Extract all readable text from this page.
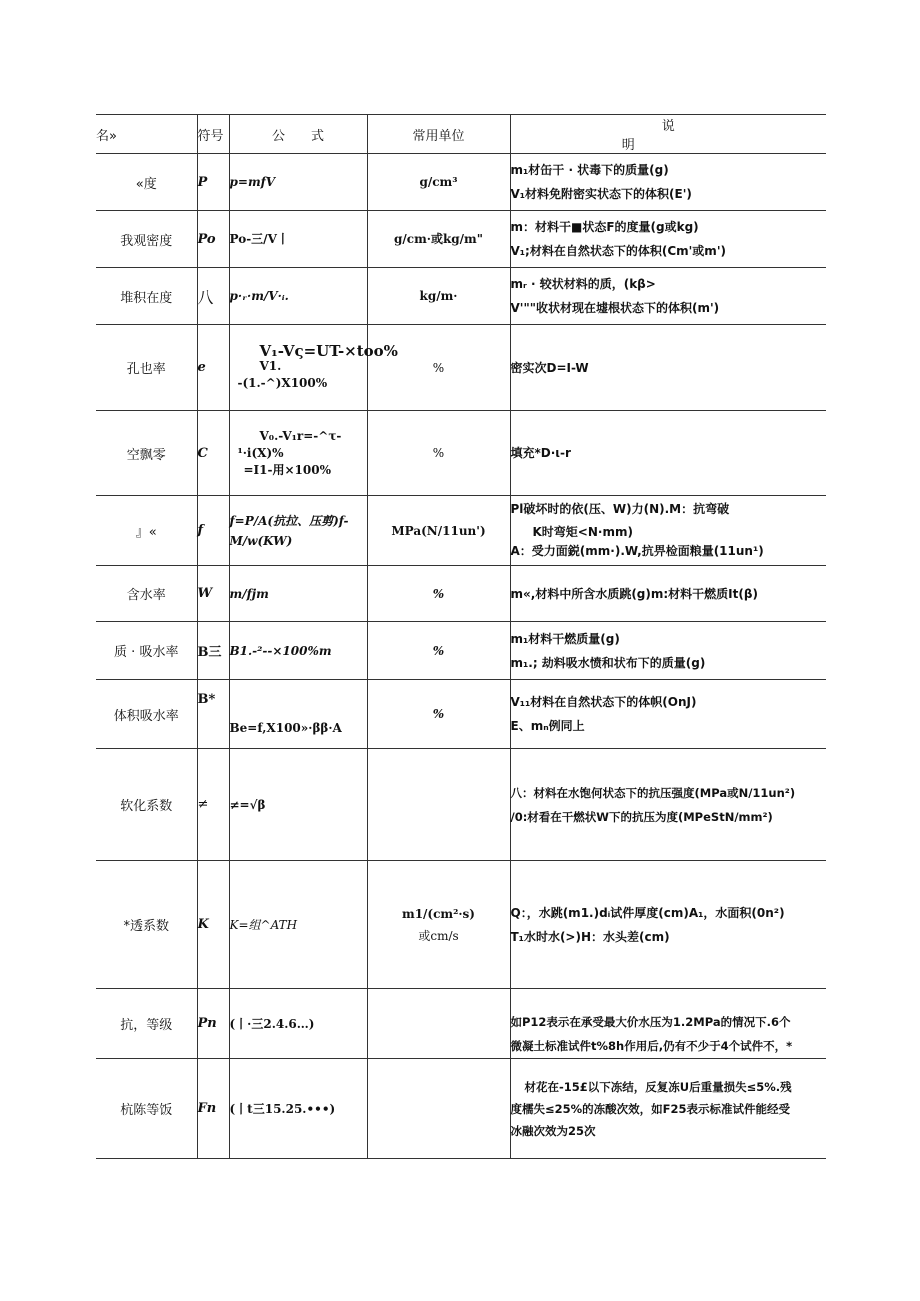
名»	符号	公　　式	常用单位	说　明
«度	P	p=mfV	g/cm³	m₁材缶干 · 状毒下的质量(g)
V₁材料免附密实状态下的体积(E')

我观密度	Po	Po-三∕V丨	g/cm·或kg/m"	m：材料干■状态F的度量(g或kg)
V₁;材料在自然状态下的体积(Cm'或m')

堆积在度	八	p·ᵣ·m/V·ᵢ.	kg/m·	mᵣ · 较状材料的质，(kβ>
V'""收状材现在墟根状态下的体积(m')

孔也率	e	V₁-Vς=UT-×too%
V1.
-(1.-^)X100%	%	密实次D=I-W

空飘零	C	V₀.-V₁r=-^τ-
¹·i(X)%
=I1-用×100%	%	填充*D·ι-r

』«	f	f=P/A(抗拉、压剪)f-
M/w(KW)	MPa(N/11un')	Pl破坏时的依(压、W)力(N).M：抗弯破
K时弯矩<N·mm)
A：受力面鋭(mm·).W,抗畀检面粮量(11un¹)

含水率	W	m/fjm	%	m«,材料中所含水质跳(g)m:材料干燃质It(β)

质 · 吸水率	B三	B1.-²--×100%m	%	m₁材料干燃质量(g)
m₁.; 劫料吸水愤和状布下的质量(g)

体积吸水率	B*	Be=f,X100»·ββ·A	%	V₁₁材料在自然状态下的体帜(OnJ)
E、mₙ例同上

软化系数	≠	≠=√β		八：材料在水饱何状态下的抗压强度(MPa或N/11un²)
/0:材看在干燃状W下的抗压为度(MPeStN/mm²)

*透系数	K	K=组^ATH	m1/(cm²·s)
或cm/s	Q：，水跳(m1.)dᵢ试件厚度(cm)A₁，水面积(0n²)
T₁水时水(>)H：水头差(cm)

抗，等级	Pn	(丨·三2.4.6…)		如P12表示在承受最大价水压为1.2MPa的情况下.6个
微凝土标准试件t%8h作用后,仍有不少于4个试件不，*

杭陈等饭	Fn	(丨t三15.25.•••)		材花在-15£以下冻结，反复冻U后重量损失≤5%.残
度檽失≤25%的冻酸次效，如F25表示标准试件能经受
冰融次效为25次
